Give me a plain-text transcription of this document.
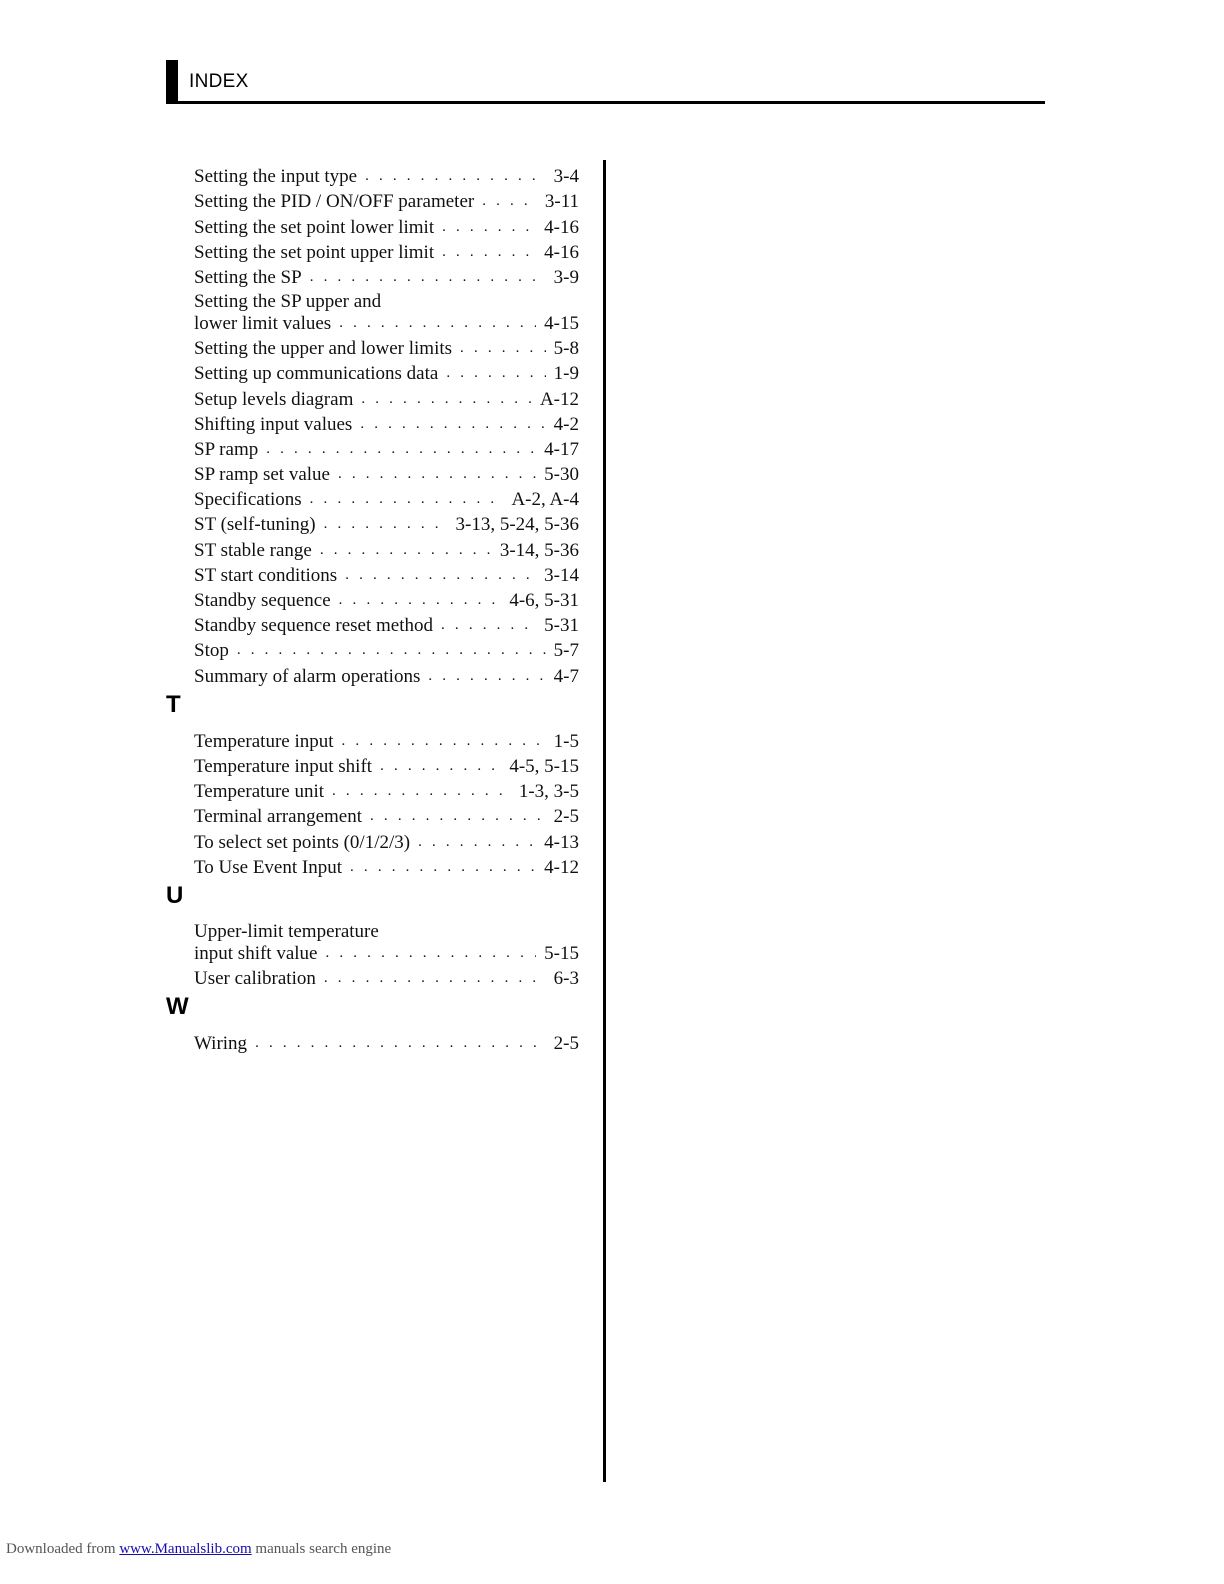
INDEX
Setting the input type . . .	3-4
Setting the PID / ON/OFF parameter . . .	3-11
Setting the set point lower limit . . .	4-16
Setting the set point upper limit . . .	4-16
Setting the SP . . .	3-9
Setting the SP upper and
lower limit values . . .	4-15
Setting the upper and lower limits . . .	5-8
Setting up communications data . . .	1-9
Setup levels diagram . . .	A-12
Shifting input values . . .	4-2
SP ramp . . .	4-17
SP ramp set value . . .	5-30
Specifications . . .	A-2, A-4
ST (self-tuning) . . .	3-13, 5-24, 5-36
ST stable range . . .	3-14, 5-36
ST start conditions . . .	3-14
Standby sequence . . .	4-6, 5-31
Standby sequence reset method . . .	5-31
Stop . . .	5-7
Summary of alarm operations . . .	4-7
T
Temperature input . . .	1-5
Temperature input shift . . .	4-5, 5-15
Temperature unit . . .	1-3, 3-5
Terminal arrangement . . .	2-5
To select set points (0/1/2/3) . . .	4-13
To Use Event Input . . .	4-12
U
Upper-limit temperature
input shift value . . .	5-15
User calibration . . .	6-3
W
Wiring . . .	2-5
Downloaded from www.Manualslib.com manuals search engine
